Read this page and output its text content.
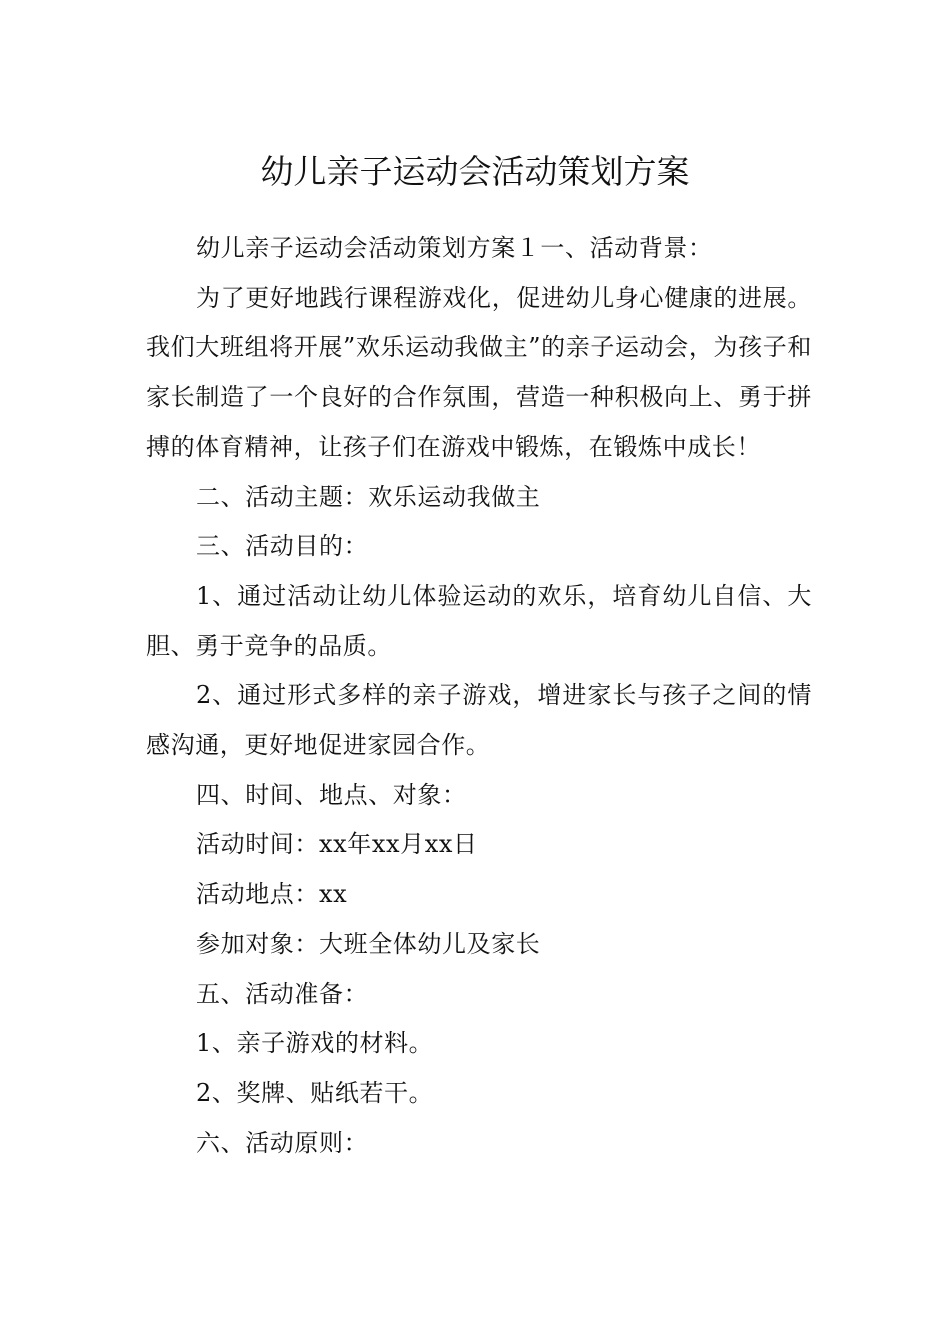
幼儿亲子运动会活动策划方案

幼儿亲子运动会活动策划方案１一、活动背景：

为了更好地践行课程游戏化，促进幼儿身心健康的进展。我们大班组将开展”欢乐运动我做主”的亲子运动会，为孩子和家长制造了一个良好的合作氛围，营造一种积极向上、勇于拼搏的体育精神，让孩子们在游戏中锻炼，在锻炼中成长！

二、活动主题：欢乐运动我做主

三、活动目的：

1、通过活动让幼儿体验运动的欢乐，培育幼儿自信、大胆、勇于竞争的品质。

2、通过形式多样的亲子游戏，增进家长与孩子之间的情感沟通，更好地促进家园合作。

四、时间、地点、对象：

活动时间：xx年xx月xx日

活动地点：xx

参加对象：大班全体幼儿及家长

五、活动准备：

1、亲子游戏的材料。

2、奖牌、贴纸若干。

六、活动原则：
